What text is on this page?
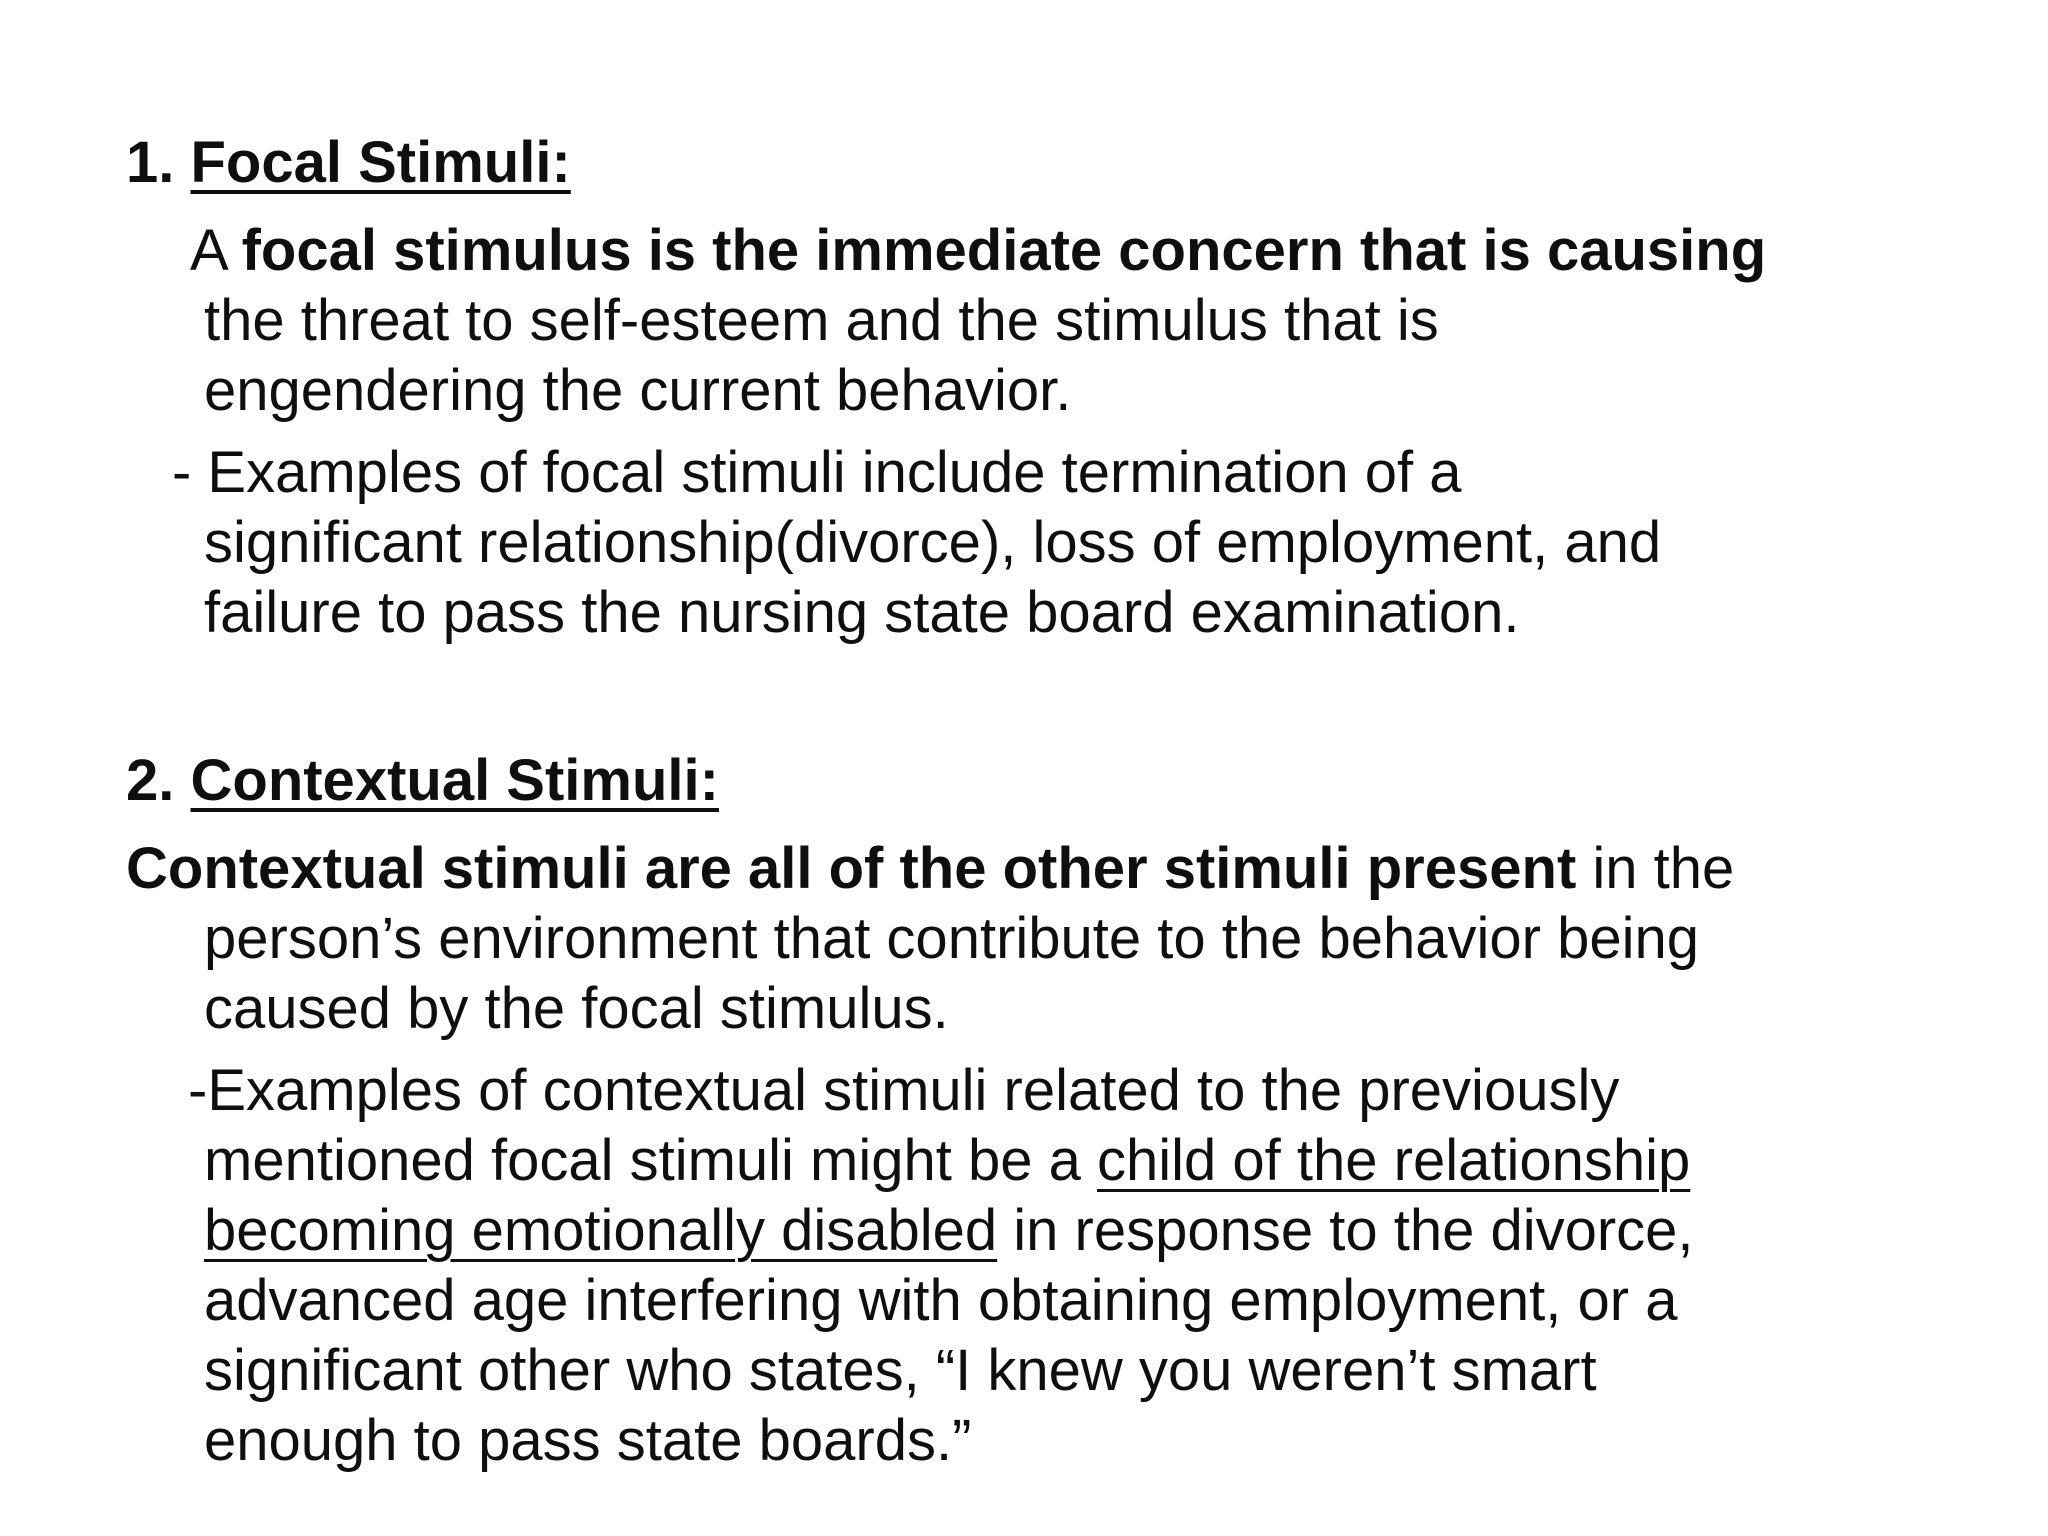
1. Focal Stimuli:
A focal stimulus is the immediate concern that is causing
the threat to self-esteem and the stimulus that is
engendering the current behavior.
- Examples of focal stimuli include termination of a
significant relationship(divorce), loss of employment, and
failure to pass the nursing state board examination.
2. Contextual Stimuli:
Contextual stimuli are all of the other stimuli present in the
person’s environment that contribute to the behavior being
caused by the focal stimulus.
-Examples of contextual stimuli related to the previously
mentioned focal stimuli might be a child of the relationship
becoming emotionally disabled in response to the divorce,
advanced age interfering with obtaining employment, or a
significant other who states, “I knew you weren’t smart
enough to pass state boards.”
